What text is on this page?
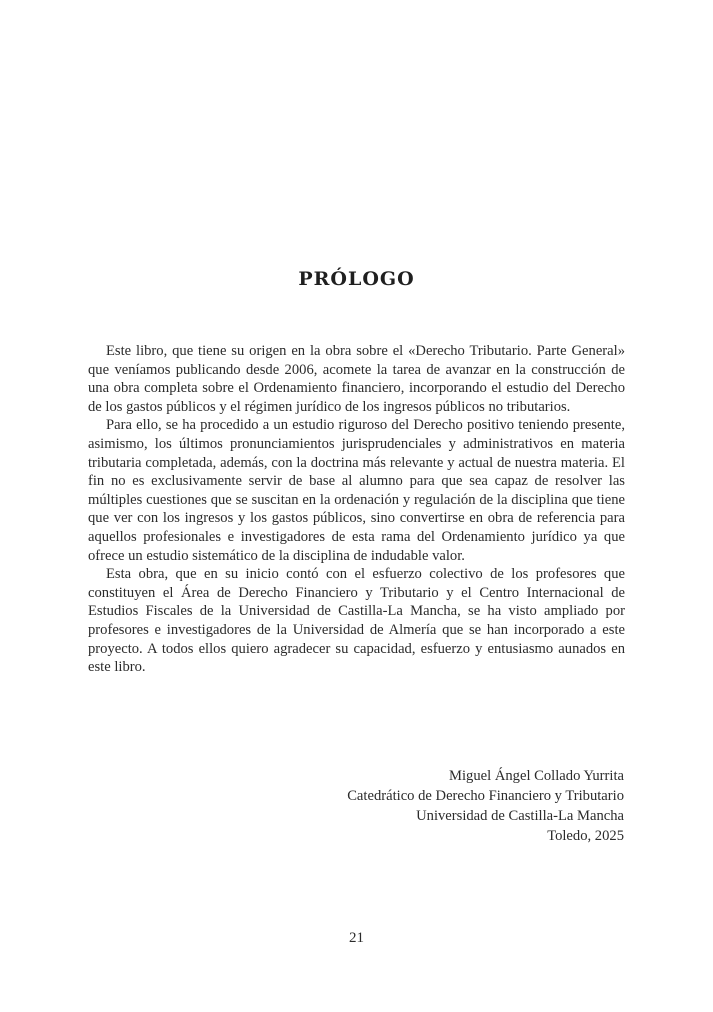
PRÓLOGO

Este libro, que tiene su origen en la obra sobre el «Derecho Tributario. Parte General» que veníamos publicando desde 2006, acomete la tarea de avanzar en la construcción de una obra completa sobre el Ordenamiento financiero, incorporando el estudio del Derecho de los gastos públicos y el régimen jurídico de los ingresos públicos no tributarios.

Para ello, se ha procedido a un estudio riguroso del Derecho positivo teniendo presente, asimismo, los últimos pronunciamientos jurisprudenciales y administrativos en materia tributaria completada, además, con la doctrina más relevante y actual de nuestra materia. El fin no es exclusivamente servir de base al alumno para que sea capaz de resolver las múltiples cuestiones que se suscitan en la ordenación y regulación de la disciplina que tiene que ver con los ingresos y los gastos públicos, sino convertirse en obra de referencia para aquellos profesionales e investigadores de esta rama del Ordenamiento jurídico ya que ofrece un estudio sistemático de la disciplina de indudable valor.

Esta obra, que en su inicio contó con el esfuerzo colectivo de los profesores que constituyen el Área de Derecho Financiero y Tributario y el Centro Internacional de Estudios Fiscales de la Universidad de Castilla-La Mancha, se ha visto ampliado por profesores e investigadores de la Universidad de Almería que se han incorporado a este proyecto. A todos ellos quiero agradecer su capacidad, esfuerzo y entusiasmo aunados en este libro.

Miguel Ángel Collado Yurrita
Catedrático de Derecho Financiero y Tributario
Universidad de Castilla-La Mancha
Toledo, 2025
21
